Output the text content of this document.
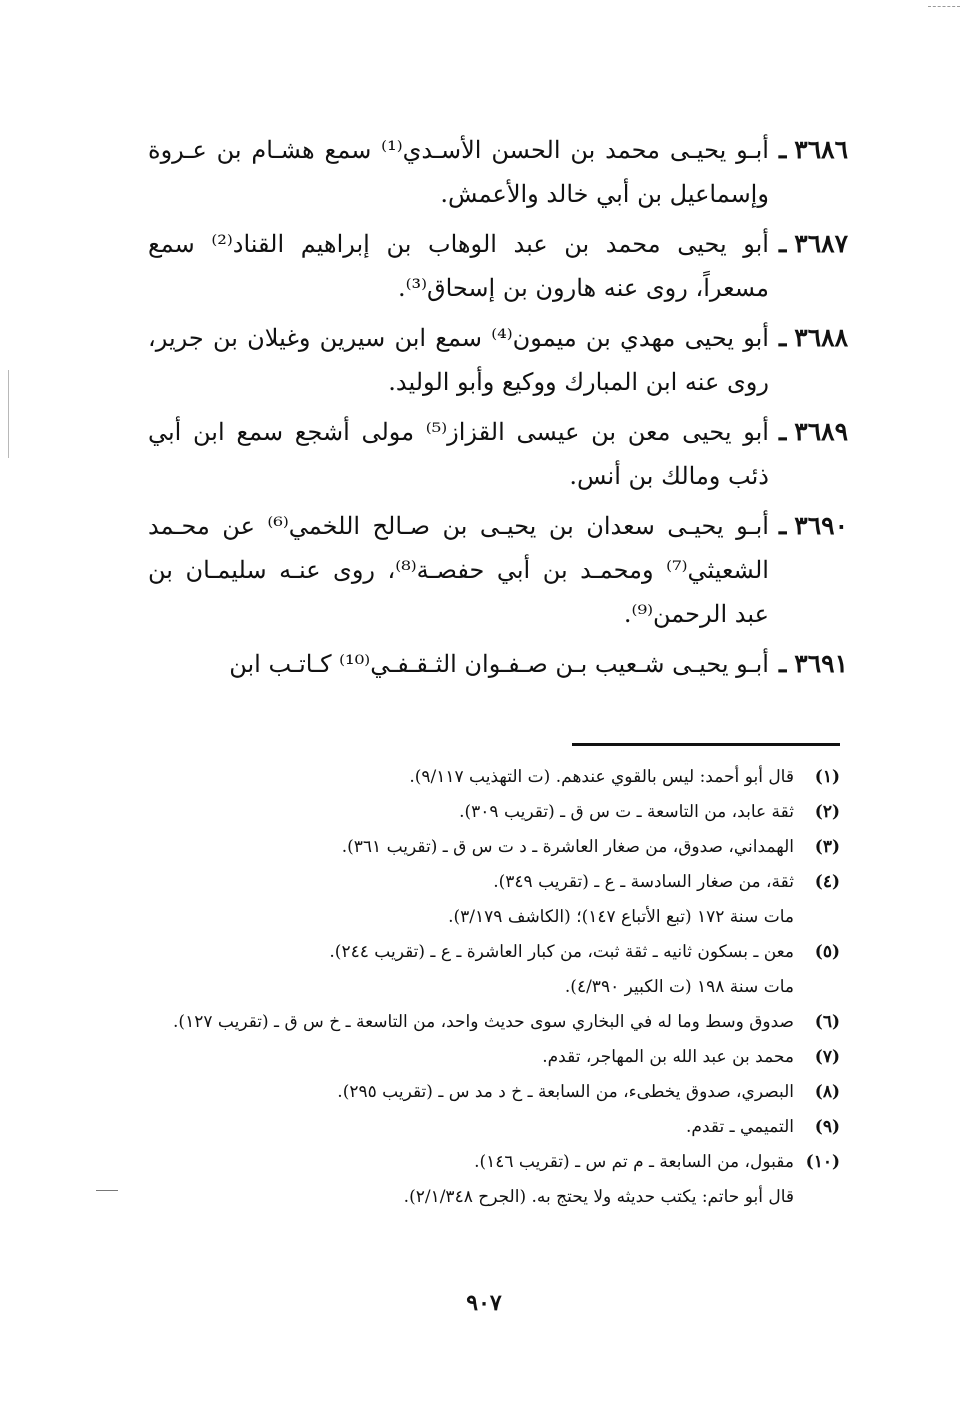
٣٦٨٦
ـ
أبـو يحيـى محمد بن الحسن الأسـدي⁽¹⁾ سمع هشـام بن عـروة وإسماعيل بن أبي خالد والأعمش.
٣٦٨٧
ـ
أبو يحيى محمد بن عبد الوهاب بن إبراهيم القناد⁽²⁾ سمع مسعراً، روى عنه هارون بن إسحاق⁽³⁾.
٣٦٨٨
ـ
أبو يحيى مهدي بن ميمون⁽⁴⁾ سمع ابن سيرين وغيلان بن جرير، روى عنه ابن المبارك ووكيع وأبو الوليد.
٣٦٨٩
ـ
أبو يحيى معن بن عيسى القزاز⁽⁵⁾ مولى أشجع سمع ابن أبي ذئب ومالك بن أنس.
٣٦٩٠
ـ
أبـو يحيـى سعدان بن يحيـى بن صـالح اللخمي⁽⁶⁾ عن محـمد الشعيثي⁽⁷⁾ ومحمـد بن أبي حفصـة⁽⁸⁾، روى عنـه سليمـان بن عبد الرحمن⁽⁹⁾.
٣٦٩١
ـ
أبـو يحيـى شـعيب بـن صـفـوان الثـقـفـي⁽¹⁰⁾ كـاتـب ابن
(١)
قال أبو أحمد: ليس بالقوي عندهم. (ت التهذيب ٩/١١٧).
(٢)
ثقة عابد، من التاسعة ـ ت س ق ـ (تقريب ٣٠٩).
(٣)
الهمداني، صدوق، من صغار العاشرة ـ د ت س ق ـ (تقريب ٣٦١).
(٤)
ثقة، من صغار السادسة ـ ع ـ (تقريب ٣٤٩).
مات سنة ١٧٢ (تبع الأتباع ١٤٧)؛ (الكاشف ٣/١٧٩).
(٥)
معن ـ بسكون ثانيه ـ ثقة ثبت، من كبار العاشرة ـ ع ـ (تقريب ٢٤٤).
مات سنة ١٩٨ (ت الكبير ٤/٣٩٠).
(٦)
صدوق وسط وما له في البخاري سوى حديث واحد، من التاسعة ـ خ س ق ـ (تقريب ١٢٧).
(٧)
محمد بن عبد الله بن المهاجر، تقدم.
(٨)
البصري، صدوق يخطىء، من السابعة ـ خ د مد س ـ (تقريب ٢٩٥).
(٩)
التميمي ـ تقدم.
(١٠)
مقبول، من السابعة ـ م تم س ـ (تقريب ١٤٦).
قال أبو حاتم: يكتب حديثه ولا يحتج به. (الجرح ٢/١/٣٤٨).
٩٠٧
